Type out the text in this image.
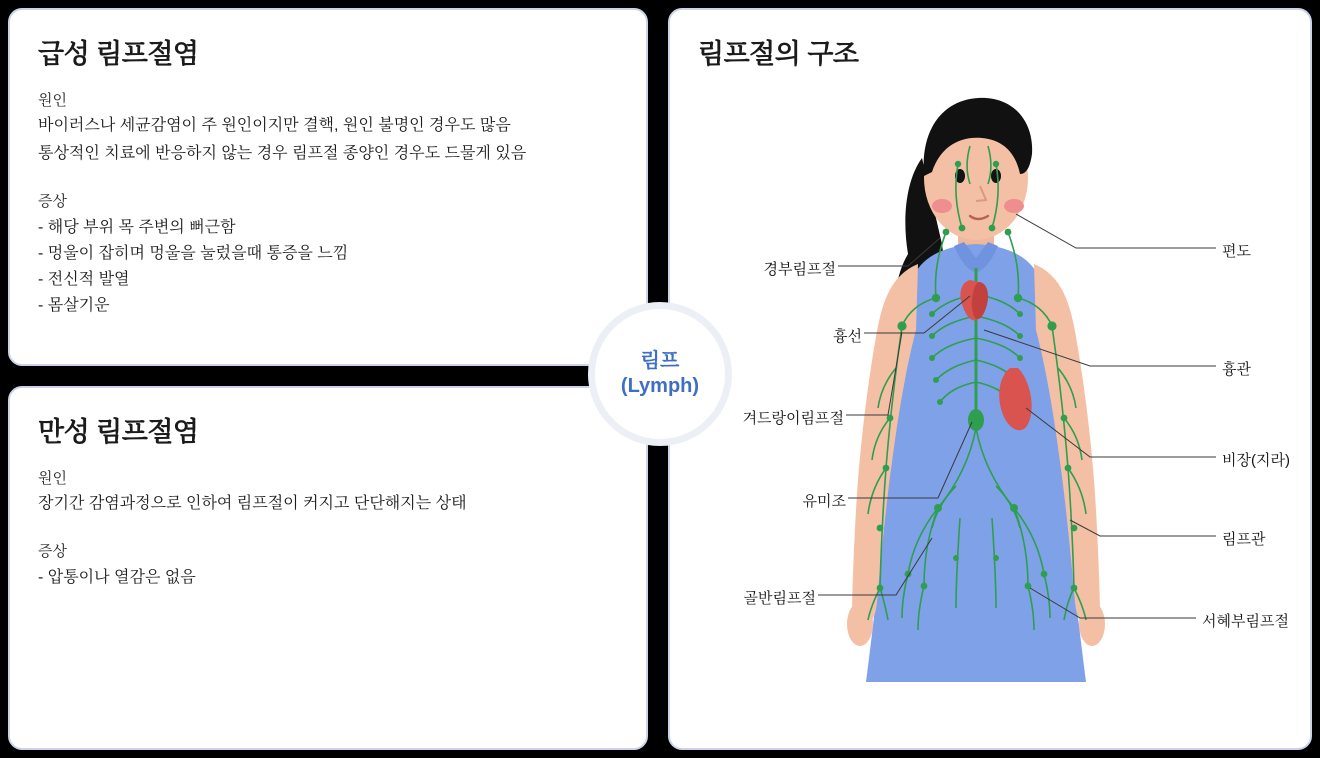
급성 림프절염

원인

바이러스나 세균감염이 주 원인이지만 결핵, 원인 불명인 경우도 많음

통상적인 치료에 반응하지 않는 경우 림프절 종양인 경우도 드물게 있음

증상

- 해당 부위 목 주변의 뻐근함
- 멍울이 잡히며 멍울을 눌렀을때 통증을 느낌
- 전신적 발열
- 몸살기운
만성 림프절염

원인

장기간 감염과정으로 인하여 림프절이 커지고 단단해지는 상태

증상

- 압통이나 열감은 없음
림프
(Lymph)
림프절의 구조
경부림프절
흉선
겨드랑이림프절
유미조
골반림프절
편도
흉관
비장(지라)
림프관
서혜부림프절
